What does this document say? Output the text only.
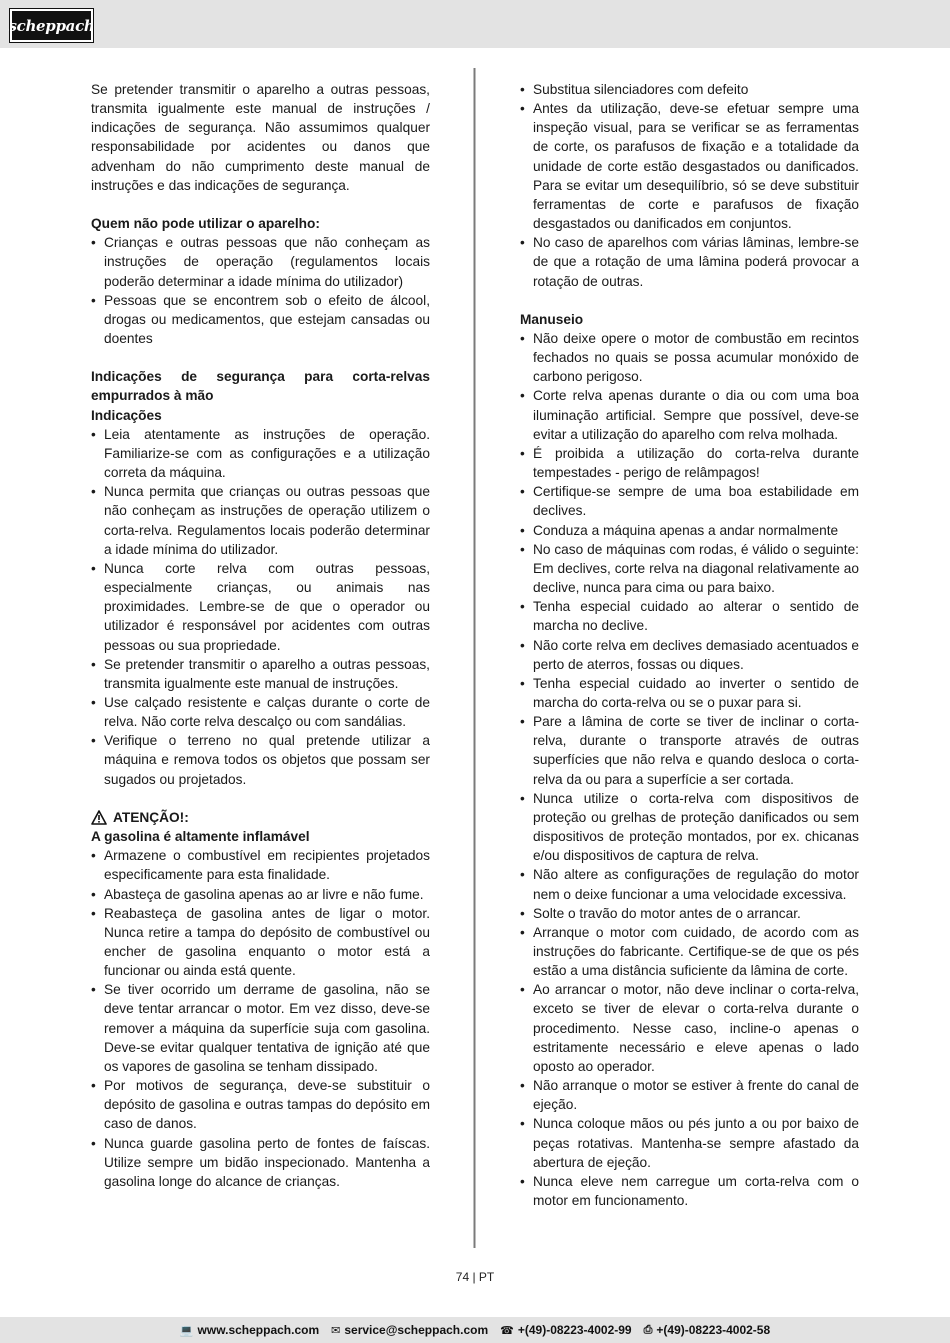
scheppach

Se pretender transmitir o aparelho a outras pessoas, transmita igualmente este manual de instruções / indicações de segurança. Não assumimos qualquer responsabilidade por acidentes ou danos que advenham do não cumprimento deste manual de instruções e das indicações de segurança.

Quem não pode utilizar o aparelho:

• Crianças e outras pessoas que não conheçam as instruções de operação (regulamentos locais poderão determinar a idade mínima do utilizador)
• Pessoas que se encontrem sob o efeito de álcool, drogas ou medicamentos, que estejam cansadas ou doentes

Indicações de segurança para corta-relvas empurrados à mão

Indicações

• Leia atentamente as instruções de operação. Familiarize-se com as configurações e a utilização correta da máquina.
• Nunca permita que crianças ou outras pessoas que não conheçam as instruções de operação utilizem o corta-relva. Regulamentos locais poderão determinar a idade mínima do utilizador.
• Nunca corte relva com outras pessoas, especialmente crianças, ou animais nas proximidades. Lembre-se de que o operador ou utilizador é responsável por acidentes com outras pessoas ou sua propriedade.
• Se pretender transmitir o aparelho a outras pessoas, transmita igualmente este manual de instruções.
• Use calçado resistente e calças durante o corte de relva. Não corte relva descalço ou com sandálias.
• Verifique o terreno no qual pretende utilizar a máquina e remova todos os objetos que possam ser sugados ou projetados.
ATENÇÃO!:

A gasolina é altamente inflamável

• Armazene o combustível em recipientes projetados especificamente para esta finalidade.
• Abasteça de gasolina apenas ao ar livre e não fume.
• Reabasteça de gasolina antes de ligar o motor. Nunca retire a tampa do depósito de combustível ou encher de gasolina enquanto o motor está a funcionar ou ainda está quente.
• Se tiver ocorrido um derrame de gasolina, não se deve tentar arrancar o motor. Em vez disso, deve-se remover a máquina da superfície suja com gasolina. Deve-se evitar qualquer tentativa de ignição até que os vapores de gasolina se tenham dissipado.
• Por motivos de segurança, deve-se substituir o depósito de gasolina e outras tampas do depósito em caso de danos.
• Nunca guarde gasolina perto de fontes de faíscas. Utilize sempre um bidão inspecionado. Mantenha a gasolina longe do alcance de crianças.
• Substitua silenciadores com defeito
• Antes da utilização, deve-se efetuar sempre uma inspeção visual, para se verificar se as ferramentas de corte, os parafusos de fixação e a totalidade da unidade de corte estão desgastados ou danificados. Para se evitar um desequilíbrio, só se deve substituir ferramentas de corte e parafusos de fixação desgastados ou danificados em conjuntos.
• No caso de aparelhos com várias lâminas, lembre-se de que a rotação de uma lâmina poderá provocar a rotação de outras.

Manuseio

• Não deixe opere o motor de combustão em recintos fechados no quais se possa acumular monóxido de carbono perigoso.
• Corte relva apenas durante o dia ou com uma boa iluminação artificial. Sempre que possível, deve-se evitar a utilização do aparelho com relva molhada.
• É proibida a utilização do corta-relva durante tempestades - perigo de relâmpagos!
• Certifique-se sempre de uma boa estabilidade em declives.
• Conduza a máquina apenas a andar normalmente
• No caso de máquinas com rodas, é válido o seguinte: Em declives, corte relva na diagonal relativamente ao declive, nunca para cima ou para baixo.
• Tenha especial cuidado ao alterar o sentido de marcha no declive.
• Não corte relva em declives demasiado acentuados e perto de aterros, fossas ou diques.
• Tenha especial cuidado ao inverter o sentido de marcha do corta-relva ou se o puxar para si.
• Pare a lâmina de corte se tiver de inclinar o corta-relva, durante o transporte através de outras superfícies que não relva e quando desloca o corta-relva da ou para a superfície a ser cortada.
• Nunca utilize o corta-relva com dispositivos de proteção ou grelhas de proteção danificados ou sem dispositivos de proteção montados, por ex. chicanas e/ou dispositivos de captura de relva.
• Não altere as configurações de regulação do motor nem o deixe funcionar a uma velocidade excessiva.
• Solte o travão do motor antes de o arrancar.
• Arranque o motor com cuidado, de acordo com as instruções do fabricante. Certifique-se de que os pés estão a uma distância suficiente da lâmina de corte.
• Ao arrancar o motor, não deve inclinar o corta-relva, exceto se tiver de elevar o corta-relva durante o procedimento. Nesse caso, incline-o apenas o estritamente necessário e eleve apenas o lado oposto ao operador.
• Não arranque o motor se estiver à frente do canal de ejeção.
• Nunca coloque mãos ou pés junto a ou por baixo de peças rotativas. Mantenha-se sempre afastado da abertura de ejeção.
• Nunca eleve nem carregue um corta-relva com o motor em funcionamento.
74 | PT
💻 www.scheppach.com ✉ service@scheppach.com ☎ +(49)-08223-4002-99 ⎙ +(49)-08223-4002-58
